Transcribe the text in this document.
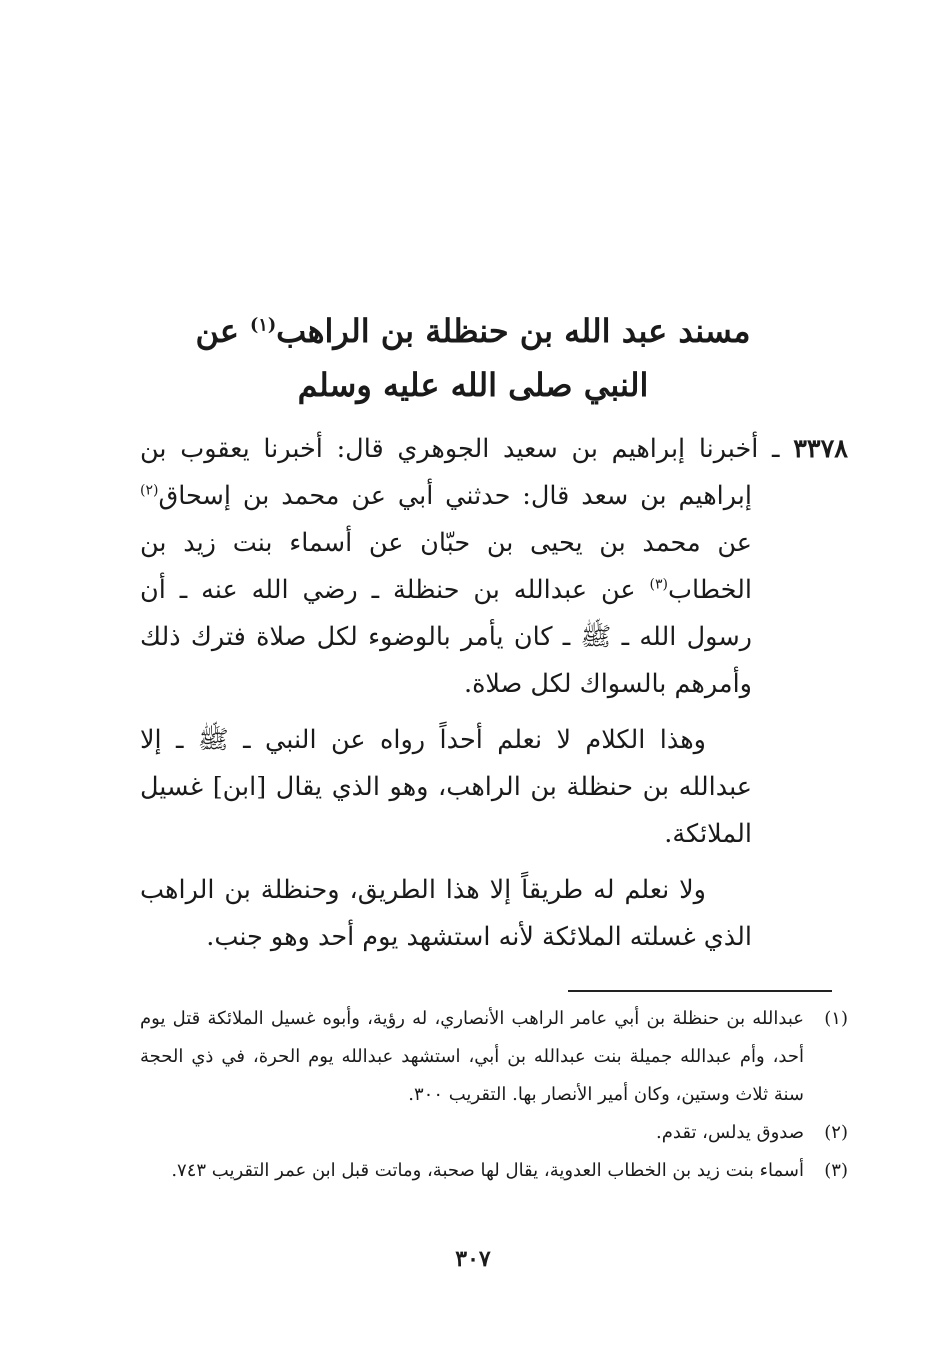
مسند عبد الله بن حنظلة بن الراهب$^{(١)}$ عن
النبي صلى الله عليه وسلم

٣٣٧٨ ـ أخبرنا إبراهيم بن سعيد الجوهري قال: أخبرنا يعقوب بن إبراهيم بن سعد قال: حدثني أبي عن محمد بن إسحاق$^{(٢)}$ عن محمد بن يحيى بن حبّان عن أسماء بنت زيد بن الخطاب$^{(٣)}$ عن عبدالله بن حنظلة ـ رضي الله عنه ـ أن رسول الله ـ ﷺ ـ كان يأمر بالوضوء لكل صلاة فترك ذلك وأمرهم بالسواك لكل صلاة.

وهذا الكلام لا نعلم أحداً رواه عن النبي ـ ﷺ ـ إلا عبدالله بن حنظلة بن الراهب، وهو الذي يقال [ابن] غسيل الملائكة.

ولا نعلم له طريقاً إلا هذا الطريق، وحنظلة بن الراهب الذي غسلته الملائكة لأنه استشهد يوم أحد وهو جنب.

(١)عبدالله بن حنظلة بن أبي عامر الراهب الأنصاري، له رؤية، وأبوه غسيل الملائكة قتل يوم أحد، وأم عبدالله جميلة بنت عبدالله بن أبي، استشهد عبدالله يوم الحرة، في ذي الحجة سنة ثلاث وستين، وكان أمير الأنصار بها. التقريب ٣٠٠.

(٢)صدوق يدلس، تقدم.

(٣)أسماء بنت زيد بن الخطاب العدوية، يقال لها صحبة، وماتت قبل ابن عمر التقريب ٧٤٣.

٣٠٧
